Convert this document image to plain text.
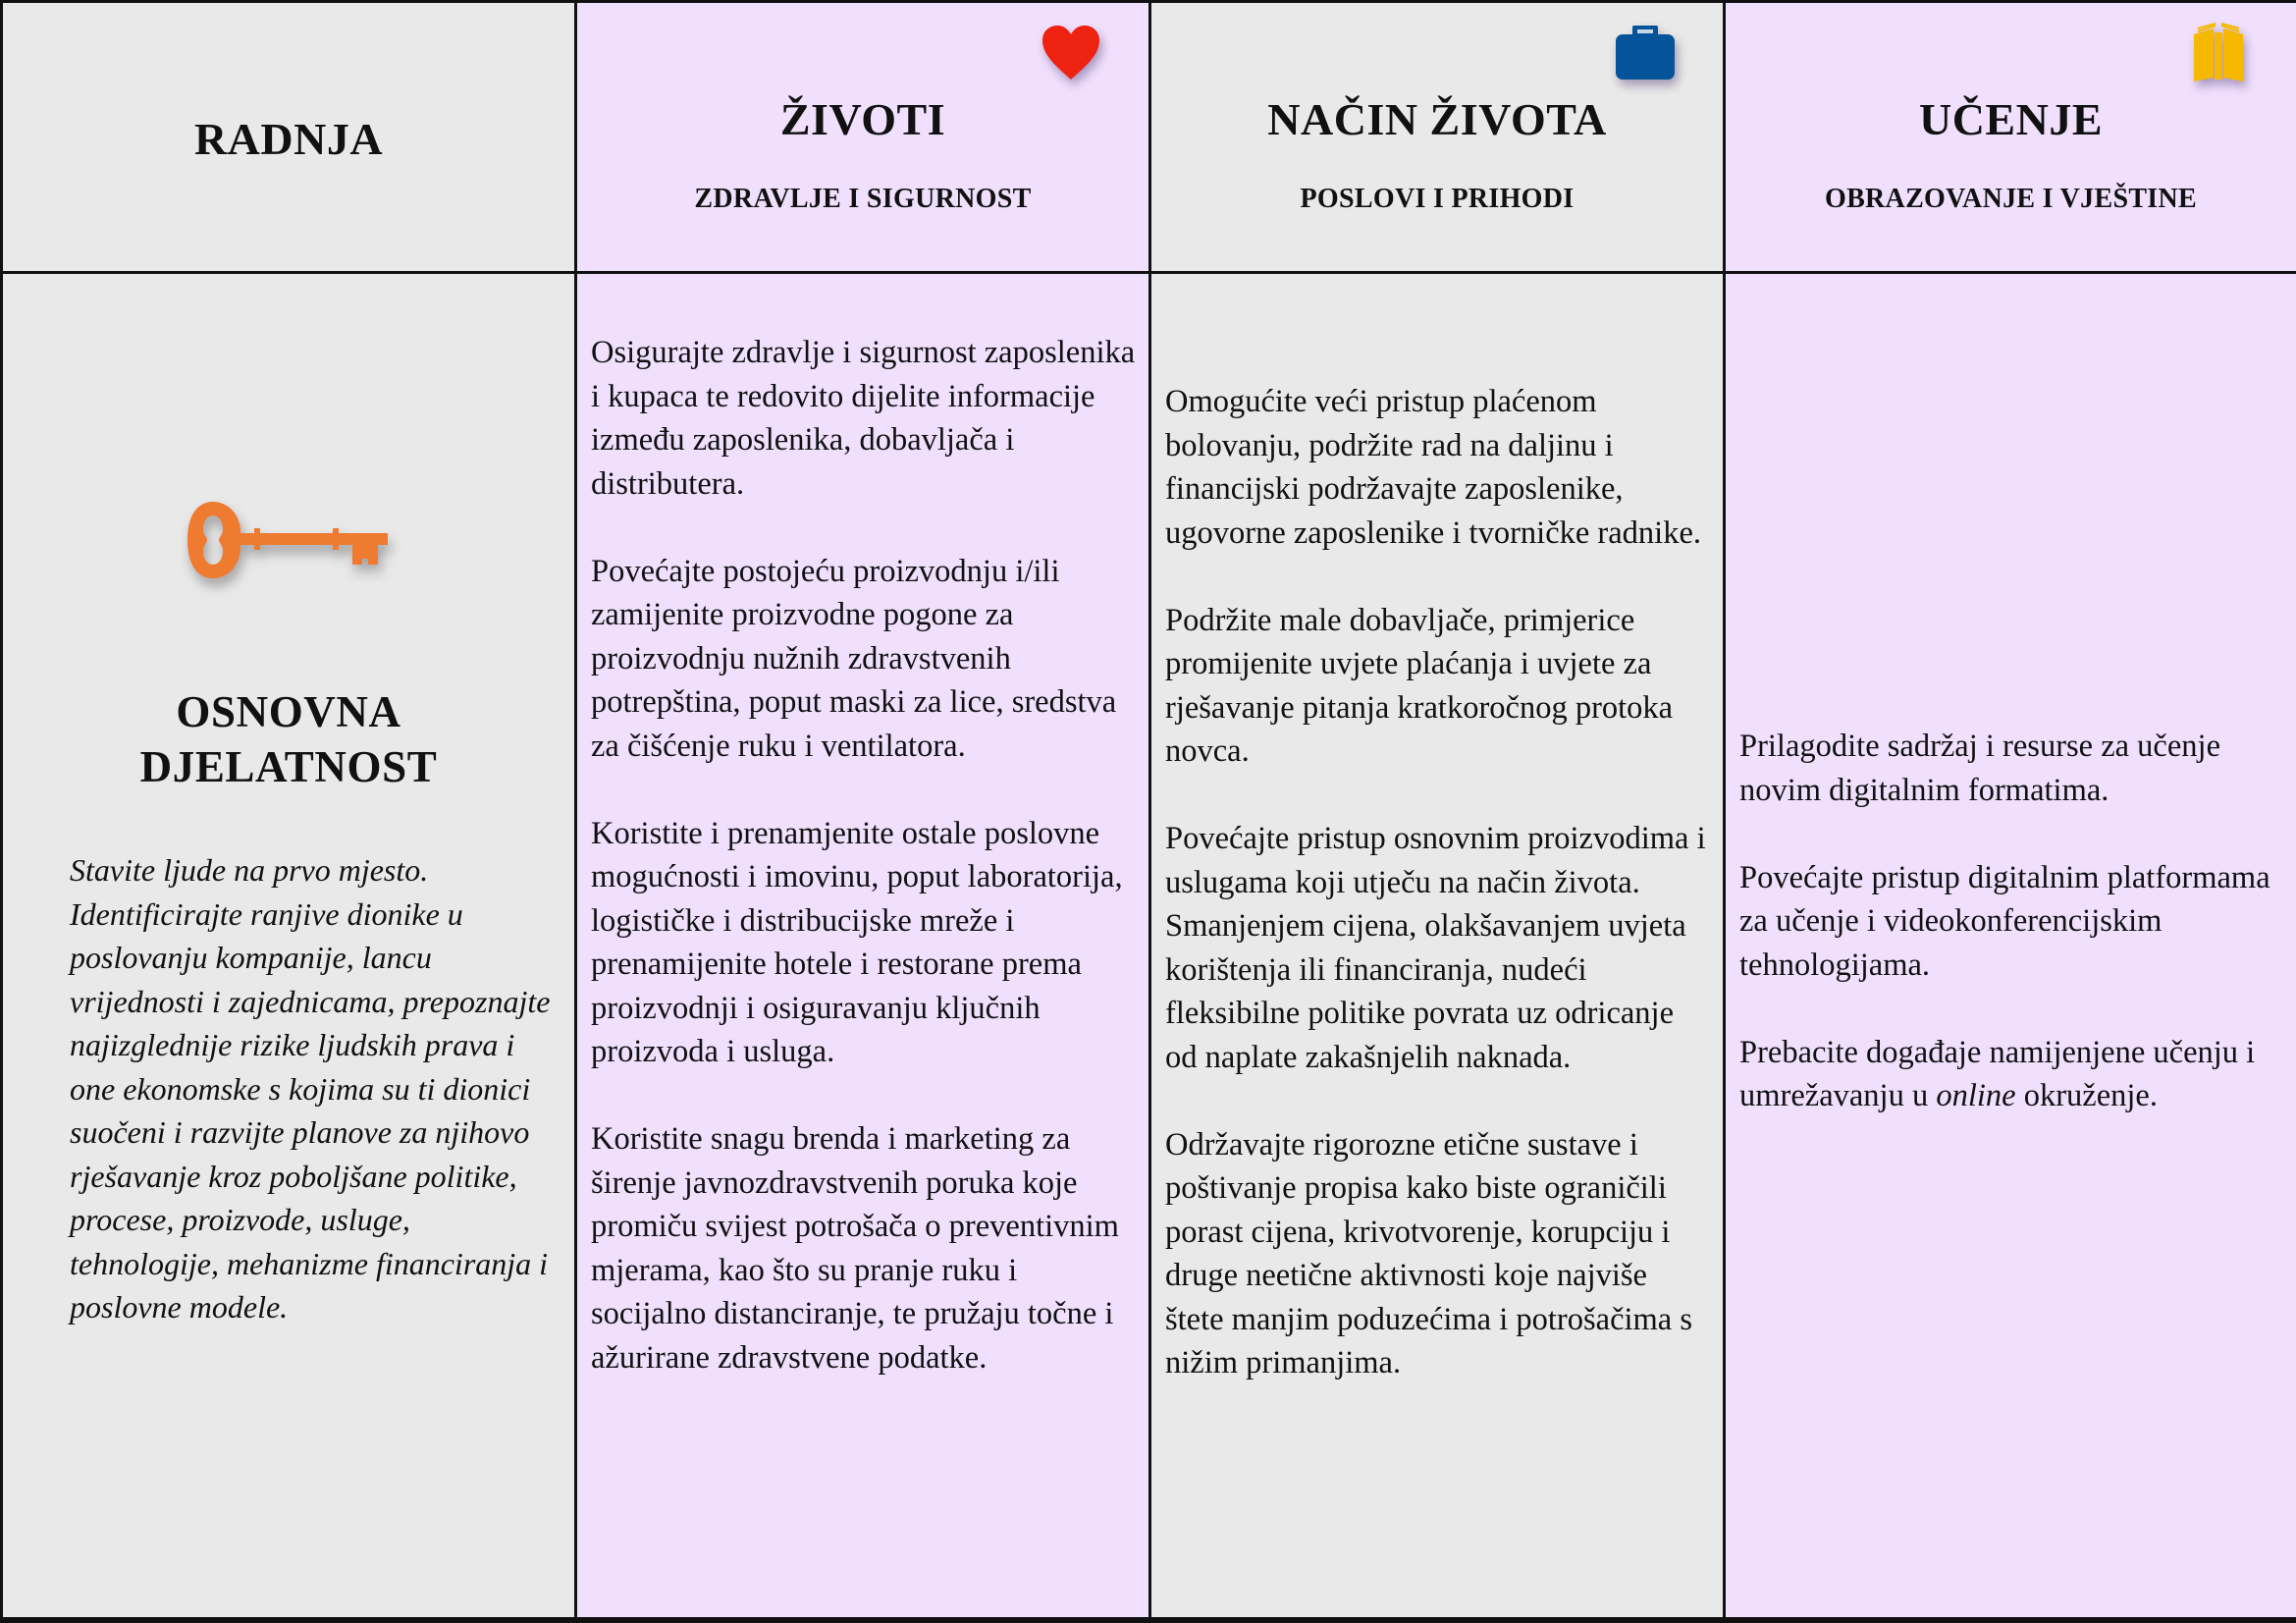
RADNJA	ŽIVOTI
ZDRAVLJE I SIGURNOST
NAČIN ŽIVOTA
POSLOVI I PRIHODI
UČENJE
OBRAZOVANJE I VJEŠTINE
OSNOVNA
DJELATNOST
Stavite ljude na prvo mjesto. Identificirajte ranjive dionike u poslovanju kompanije, lancu vrijednosti i zajednicama, prepoznajte najizglednije rizike ljudskih prava i one ekonomske s kojima su ti dionici suočeni i razvijte planove za njihovo rješavanje kroz poboljšane politike, procese, proizvode, usluge, tehnologije, mehanizme financiranja i poslovne modele.

Osigurajte zdravlje i sigurnost zaposlenika i kupaca te redovito dijelite informacije između zaposlenika, dobavljača i distributera.

Povećajte postojeću proizvodnju i/ili zamijenite proizvodne pogone za proizvodnju nužnih zdravstvenih potrepština, poput maski za lice, sredstva za čišćenje ruku i ventilatora.

Koristite i prenamjenite ostale poslovne mogućnosti i imovinu, poput laboratorija, logističke i distribucijske mreže i prenamijenite hotele i restorane prema proizvodnji i osiguravanju ključnih proizvoda i usluga.

Koristite snagu brenda i marketing za širenje javnozdravstvenih poruka koje promiču svijest potrošača o preventivnim mjerama, kao što su pranje ruku i socijalno distanciranje, te pružaju točne i ažurirane zdravstvene podatke.

Omogućite veći pristup plaćenom bolovanju, podržite rad na daljinu i financijski podržavajte zaposlenike, ugovorne zaposlenike i tvorničke radnike.

Podržite male dobavljače, primjerice promijenite uvjete plaćanja i uvjete za rješavanje pitanja kratkoročnog protoka novca.

Povećajte pristup osnovnim proizvodima i uslugama koji utječu na način života. Smanjenjem cijena, olakšavanjem uvjeta korištenja ili financiranja, nudeći fleksibilne politike povrata uz odricanje od naplate zakašnjelih naknada.

Održavajte rigorozne etične sustave i poštivanje propisa kako biste ograničili porast cijena, krivotvorenje, korupciju i druge neetične aktivnosti koje najviše štete manjim poduzećima i potrošačima s nižim primanjima.

Prilagodite sadržaj i resurse za učenje novim digitalnim formatima.

Povećajte pristup digitalnim platformama za učenje i videokonferencijskim tehnologijama.

Prebacite događaje namijenjene učenju i umrežavanju u online okruženje.
